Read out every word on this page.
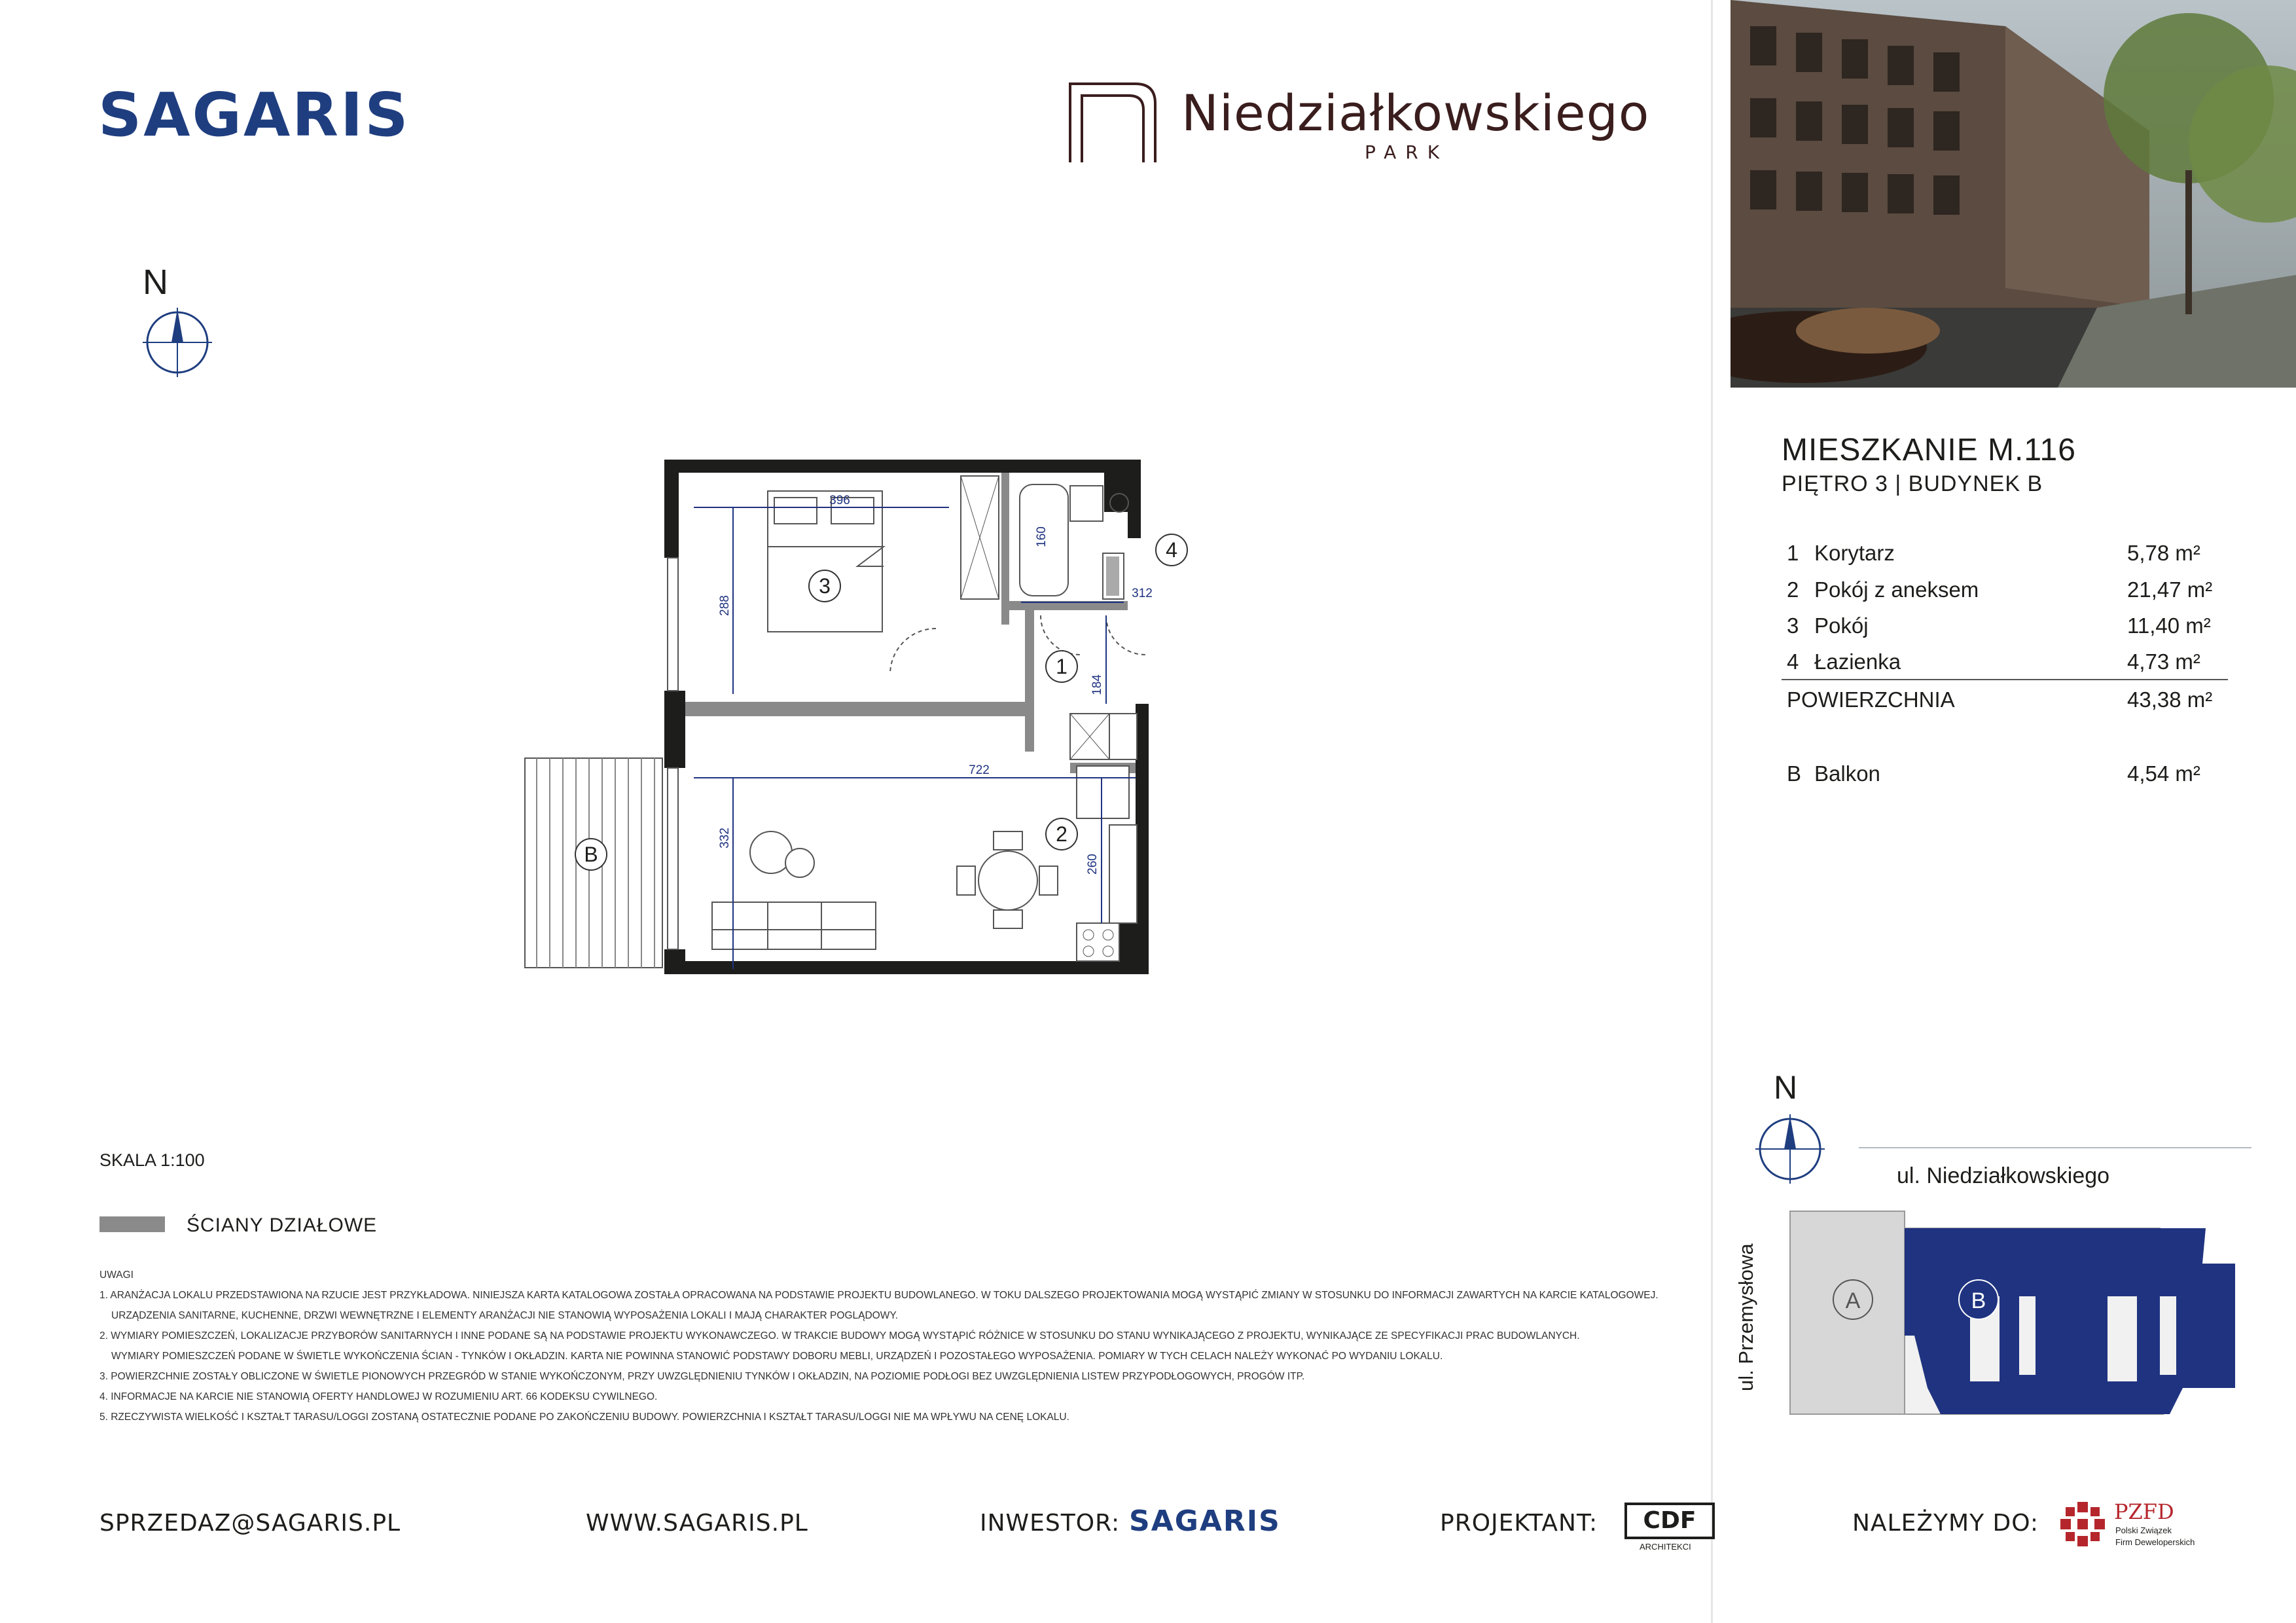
SAGARIS	Niedziałkowskiego
PARK
N
MIESZKANIE M.116
PIĘTRO 3 | BUDYNEK B
1 Korytarz	5,78 m²
2 Pokój z aneksem	21,47 m²
3 Pokój	11,40 m²
4 Łazienka	4,73 m²
POWIERZCHNIA	43,38 m²
B Balkon	4,54 m²
396
288
160
312
184
722
332
260
1
2
3
4
B
SKALA 1:100
ŚCIANY DZIAŁOWE
UWAGI
1. ARANŻACJA LOKALU PRZEDSTAWIONA NA RZUCIE JEST PRZYKŁADOWA. NINIEJSZA KARTA KATALOGOWA ZOSTAŁA OPRACOWANA NA PODSTAWIE PROJEKTU BUDOWLANEGO. W TOKU DALSZEGO PROJEKTOWANIA MOGĄ WYSTĄPIĆ ZMIANY W STOSUNKU DO INFORMACJI ZAWARTYCH NA KARCIE KATALOGOWEJ.
URZĄDZENIA SANITARNE, KUCHENNE, DRZWI WEWNĘTRZNE I ELEMENTY ARANŻACJI NIE STANOWIĄ WYPOSAŻENIA LOKALI I MAJĄ CHARAKTER POGLĄDOWY.
2. WYMIARY POMIESZCZEŃ, LOKALIZACJE PRZYBORÓW SANITARNYCH I INNE PODANE SĄ NA PODSTAWIE PROJEKTU WYKONAWCZEGO. W TRAKCIE BUDOWY MOGĄ WYSTĄPIĆ RÓŻNICE W STOSUNKU DO STANU WYNIKAJĄCEGO Z PROJEKTU, WYNIKAJĄCE ZE SPECYFIKACJI PRAC BUDOWLANYCH.
WYMIARY POMIESZCZEŃ PODANE W ŚWIETLE WYKOŃCZENIA ŚCIAN - TYNKÓW I OKŁADZIN. KARTA NIE POWINNA STANOWIĆ PODSTAWY DOBORU MEBLI, URZĄDZEŃ I POZOSTAŁEGO WYPOSAŻENIA. POMIARY W TYCH CELACH NALEŻY WYKONAĆ PO WYDANIU LOKALU.
3. POWIERZCHNIE ZOSTAŁY OBLICZONE W ŚWIETLE PIONOWYCH PRZEGRÓD W STANIE WYKOŃCZONYM, PRZY UWZGLĘDNIENIU TYNKÓW I OKŁADZIN, NA POZIOMIE PODŁOGI BEZ UWZGLĘDNIENIA LISTEW PRZYPODŁOGOWYCH, PROGÓW ITP.
4. INFORMACJE NA KARCIE NIE STANOWIĄ OFERTY HANDLOWEJ W ROZUMIENIU ART. 66 KODEKSU CYWILNEGO.
5. RZECZYWISTA WIELKOŚĆ I KSZTAŁT TARASU/LOGGI ZOSTANĄ OSTATECZNIE PODANE PO ZAKOŃCZENIU BUDOWY. POWIERZCHNIA I KSZTAŁT TARASU/LOGGI NIE MA WPŁYWU NA CENĘ LOKALU.
N
ul. Niedziałkowskiego
ul. Przemysłowa	A	B
SPRZEDAZ@SAGARIS.PL	WWW.SAGARIS.PL	INWESTOR: SAGARIS	PROJEKTANT:	CDF
ARCHITEKCI
NALEŻYMY DO:	PZFD
Polski Związek
Firm Deweloperskich
